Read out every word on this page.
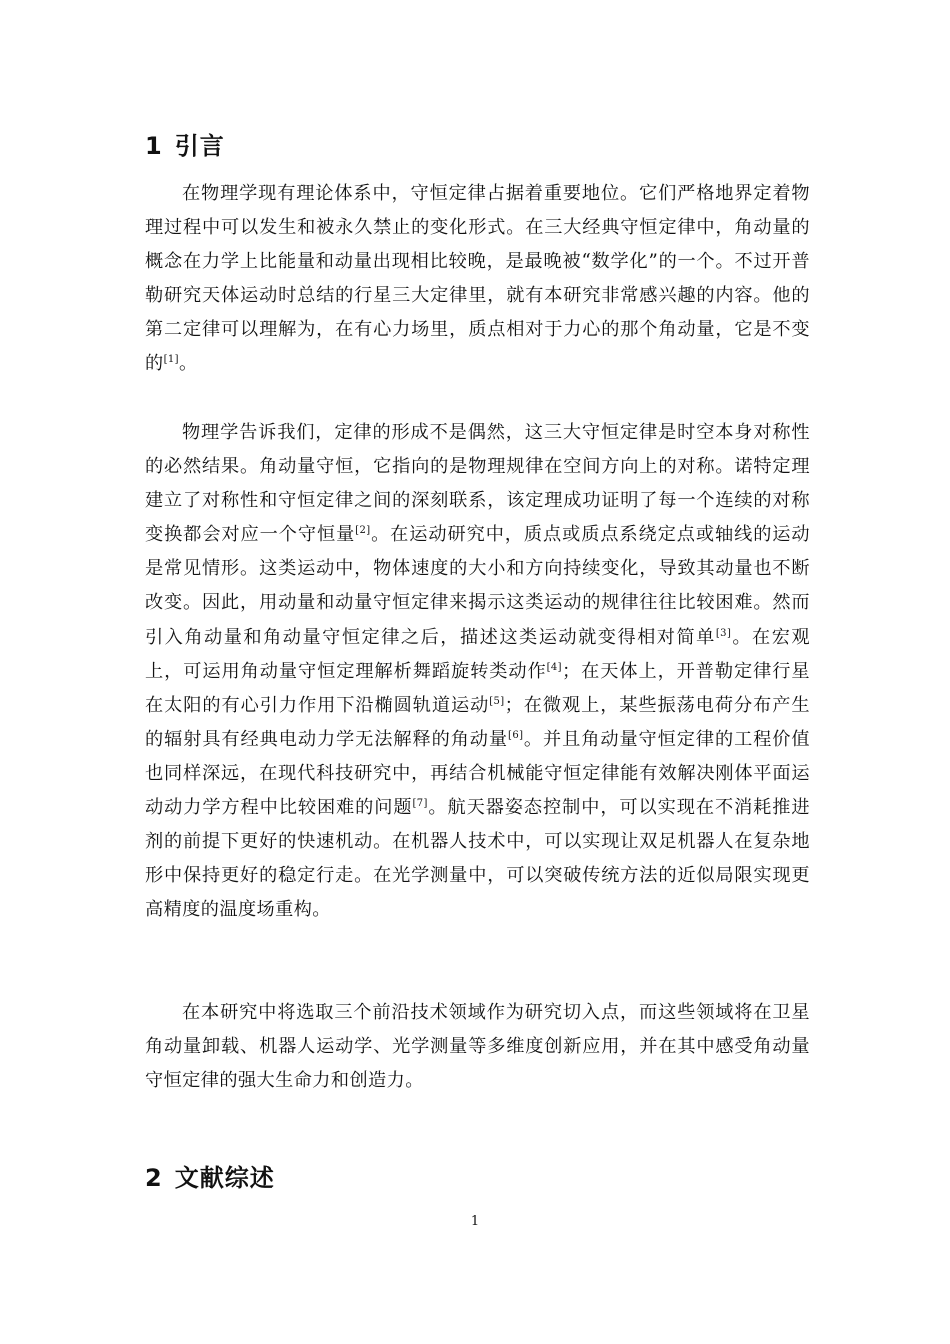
1 引言

在物理学现有理论体系中，守恒定律占据着重要地位。它们严格地界定着物理过程中可以发生和被永久禁止的变化形式。在三大经典守恒定律中，角动量的概念在力学上比能量和动量出现相比较晚，是最晚被“数学化”的一个。不过开普勒研究天体运动时总结的行星三大定律里，就有本研究非常感兴趣的内容。他的第二定律可以理解为，在有心力场里，质点相对于力心的那个角动量，它是不变的[1]。

物理学告诉我们，定律的形成不是偶然，这三大守恒定律是时空本身对称性的必然结果。角动量守恒，它指向的是物理规律在空间方向上的对称。诺特定理建立了对称性和守恒定律之间的深刻联系，该定理成功证明了每一个连续的对称变换都会对应一个守恒量[2]。在运动研究中，质点或质点系绕定点或轴线的运动是常见情形。这类运动中，物体速度的大小和方向持续变化，导致其动量也不断改变。因此，用动量和动量守恒定律来揭示这类运动的规律往往比较困难。然而引入角动量和角动量守恒定律之后，描述这类运动就变得相对简单[3]。在宏观上，可运用角动量守恒定理解析舞蹈旋转类动作[4]；在天体上，开普勒定律行星在太阳的有心引力作用下沿椭圆轨道运动[5]；在微观上，某些振荡电荷分布产生的辐射具有经典电动力学无法解释的角动量[6]。并且角动量守恒定律的工程价值也同样深远，在现代科技研究中，再结合机械能守恒定律能有效解决刚体平面运动动力学方程中比较困难的问题[7]。航天器姿态控制中，可以实现在不消耗推进剂的前提下更好的快速机动。在机器人技术中，可以实现让双足机器人在复杂地形中保持更好的稳定行走。在光学测量中，可以突破传统方法的近似局限实现更高精度的温度场重构。

在本研究中将选取三个前沿技术领域作为研究切入点，而这些领域将在卫星角动量卸载、机器人运动学、光学测量等多维度创新应用，并在其中感受角动量守恒定律的强大生命力和创造力。

2 文献综述
1
